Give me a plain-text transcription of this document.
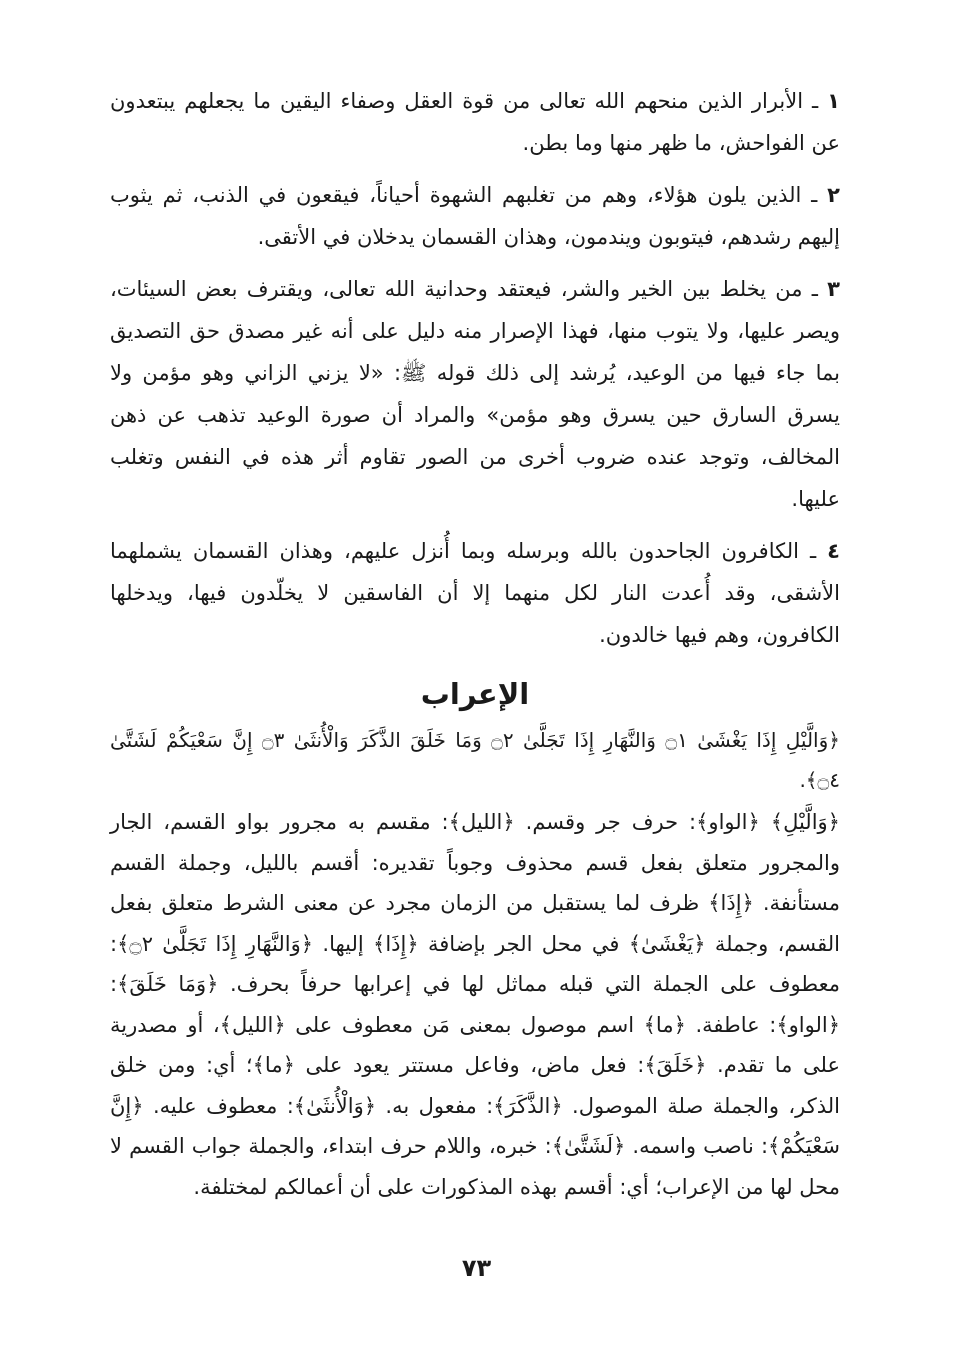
١ ـ الأبرار الذين منحهم الله تعالى من قوة العقل وصفاء اليقين ما يجعلهم يبتعدون عن الفواحش، ما ظهر منها وما بطن.

٢ ـ الذين يلون هؤلاء، وهم من تغلبهم الشهوة أحياناً، فيقعون في الذنب، ثم يثوب إليهم رشدهم، فيتوبون ويندمون، وهذان القسمان يدخلان في الأتقى.

٣ ـ من يخلط بين الخير والشر، فيعتقد وحدانية الله تعالى، ويقترف بعض السيئات، ويصر عليها، ولا يتوب منها، فهذا الإصرار منه دليل على أنه غير مصدق حق التصديق بما جاء فيها من الوعيد، يُرشد إلى ذلك قوله ﷺ: «لا يزني الزاني وهو مؤمن ولا يسرق السارق حين يسرق وهو مؤمن» والمراد أن صورة الوعيد تذهب عن ذهن المخالف، وتوجد عنده ضروب أخرى من الصور تقاوم أثر هذه في النفس وتغلب عليها.

٤ ـ الكافرون الجاحدون بالله وبرسله وبما أُنزل عليهم، وهذان القسمان يشملهما الأشقى، وقد أُعدت النار لكل منهما إلا أن الفاسقين لا يخلّدون فيها، ويدخلها الكافرون، وهم فيها خالدون.

الإعراب

﴿وَالَّيْلِ إِذَا يَغْشَىٰ ۝١ وَالنَّهَارِ إِذَا تَجَلَّىٰ ۝٢ وَمَا خَلَقَ الذَّكَرَ وَالْأُنثَىٰ ۝٣ إِنَّ سَعْيَكُمْ لَشَتَّىٰ ۝٤﴾.

﴿وَالَّيْلِ﴾ ﴿الواو﴾: حرف جر وقسم. ﴿الليل﴾: مقسم به مجرور بواو القسم، الجار والمجرور متعلق بفعل قسم محذوف وجوباً تقديره: أقسم بالليل، وجملة القسم مستأنفة. ﴿إِذَا﴾ ظرف لما يستقبل من الزمان مجرد عن معنى الشرط متعلق بفعل القسم، وجملة ﴿يَغْشَىٰ﴾ في محل الجر بإضافة ﴿إِذَا﴾ إليها. ﴿وَالنَّهَارِ إِذَا تَجَلَّىٰ ۝٢﴾: معطوف على الجملة التي قبله مماثل لها في إعرابها حرفاً بحرف. ﴿وَمَا خَلَقَ﴾: ﴿الواو﴾: عاطفة. ﴿ما﴾ اسم موصول بمعنى مَن معطوف على ﴿الليل﴾، أو مصدرية على ما تقدم. ﴿خَلَقَ﴾: فعل ماض، وفاعل مستتر يعود على ﴿ما﴾؛ أي: ومن خلق الذكر، والجملة صلة الموصول. ﴿الذَّكَرَ﴾: مفعول به. ﴿وَالْأُنثَىٰ﴾: معطوف عليه. ﴿إِنَّ سَعْيَكُمْ﴾: ناصب واسمه. ﴿لَشَتَّىٰ﴾: خبره، واللام حرف ابتداء، والجملة جواب القسم لا محل لها من الإعراب؛ أي: أقسم بهذه المذكورات على أن أعمالكم لمختلفة.

٧٣
